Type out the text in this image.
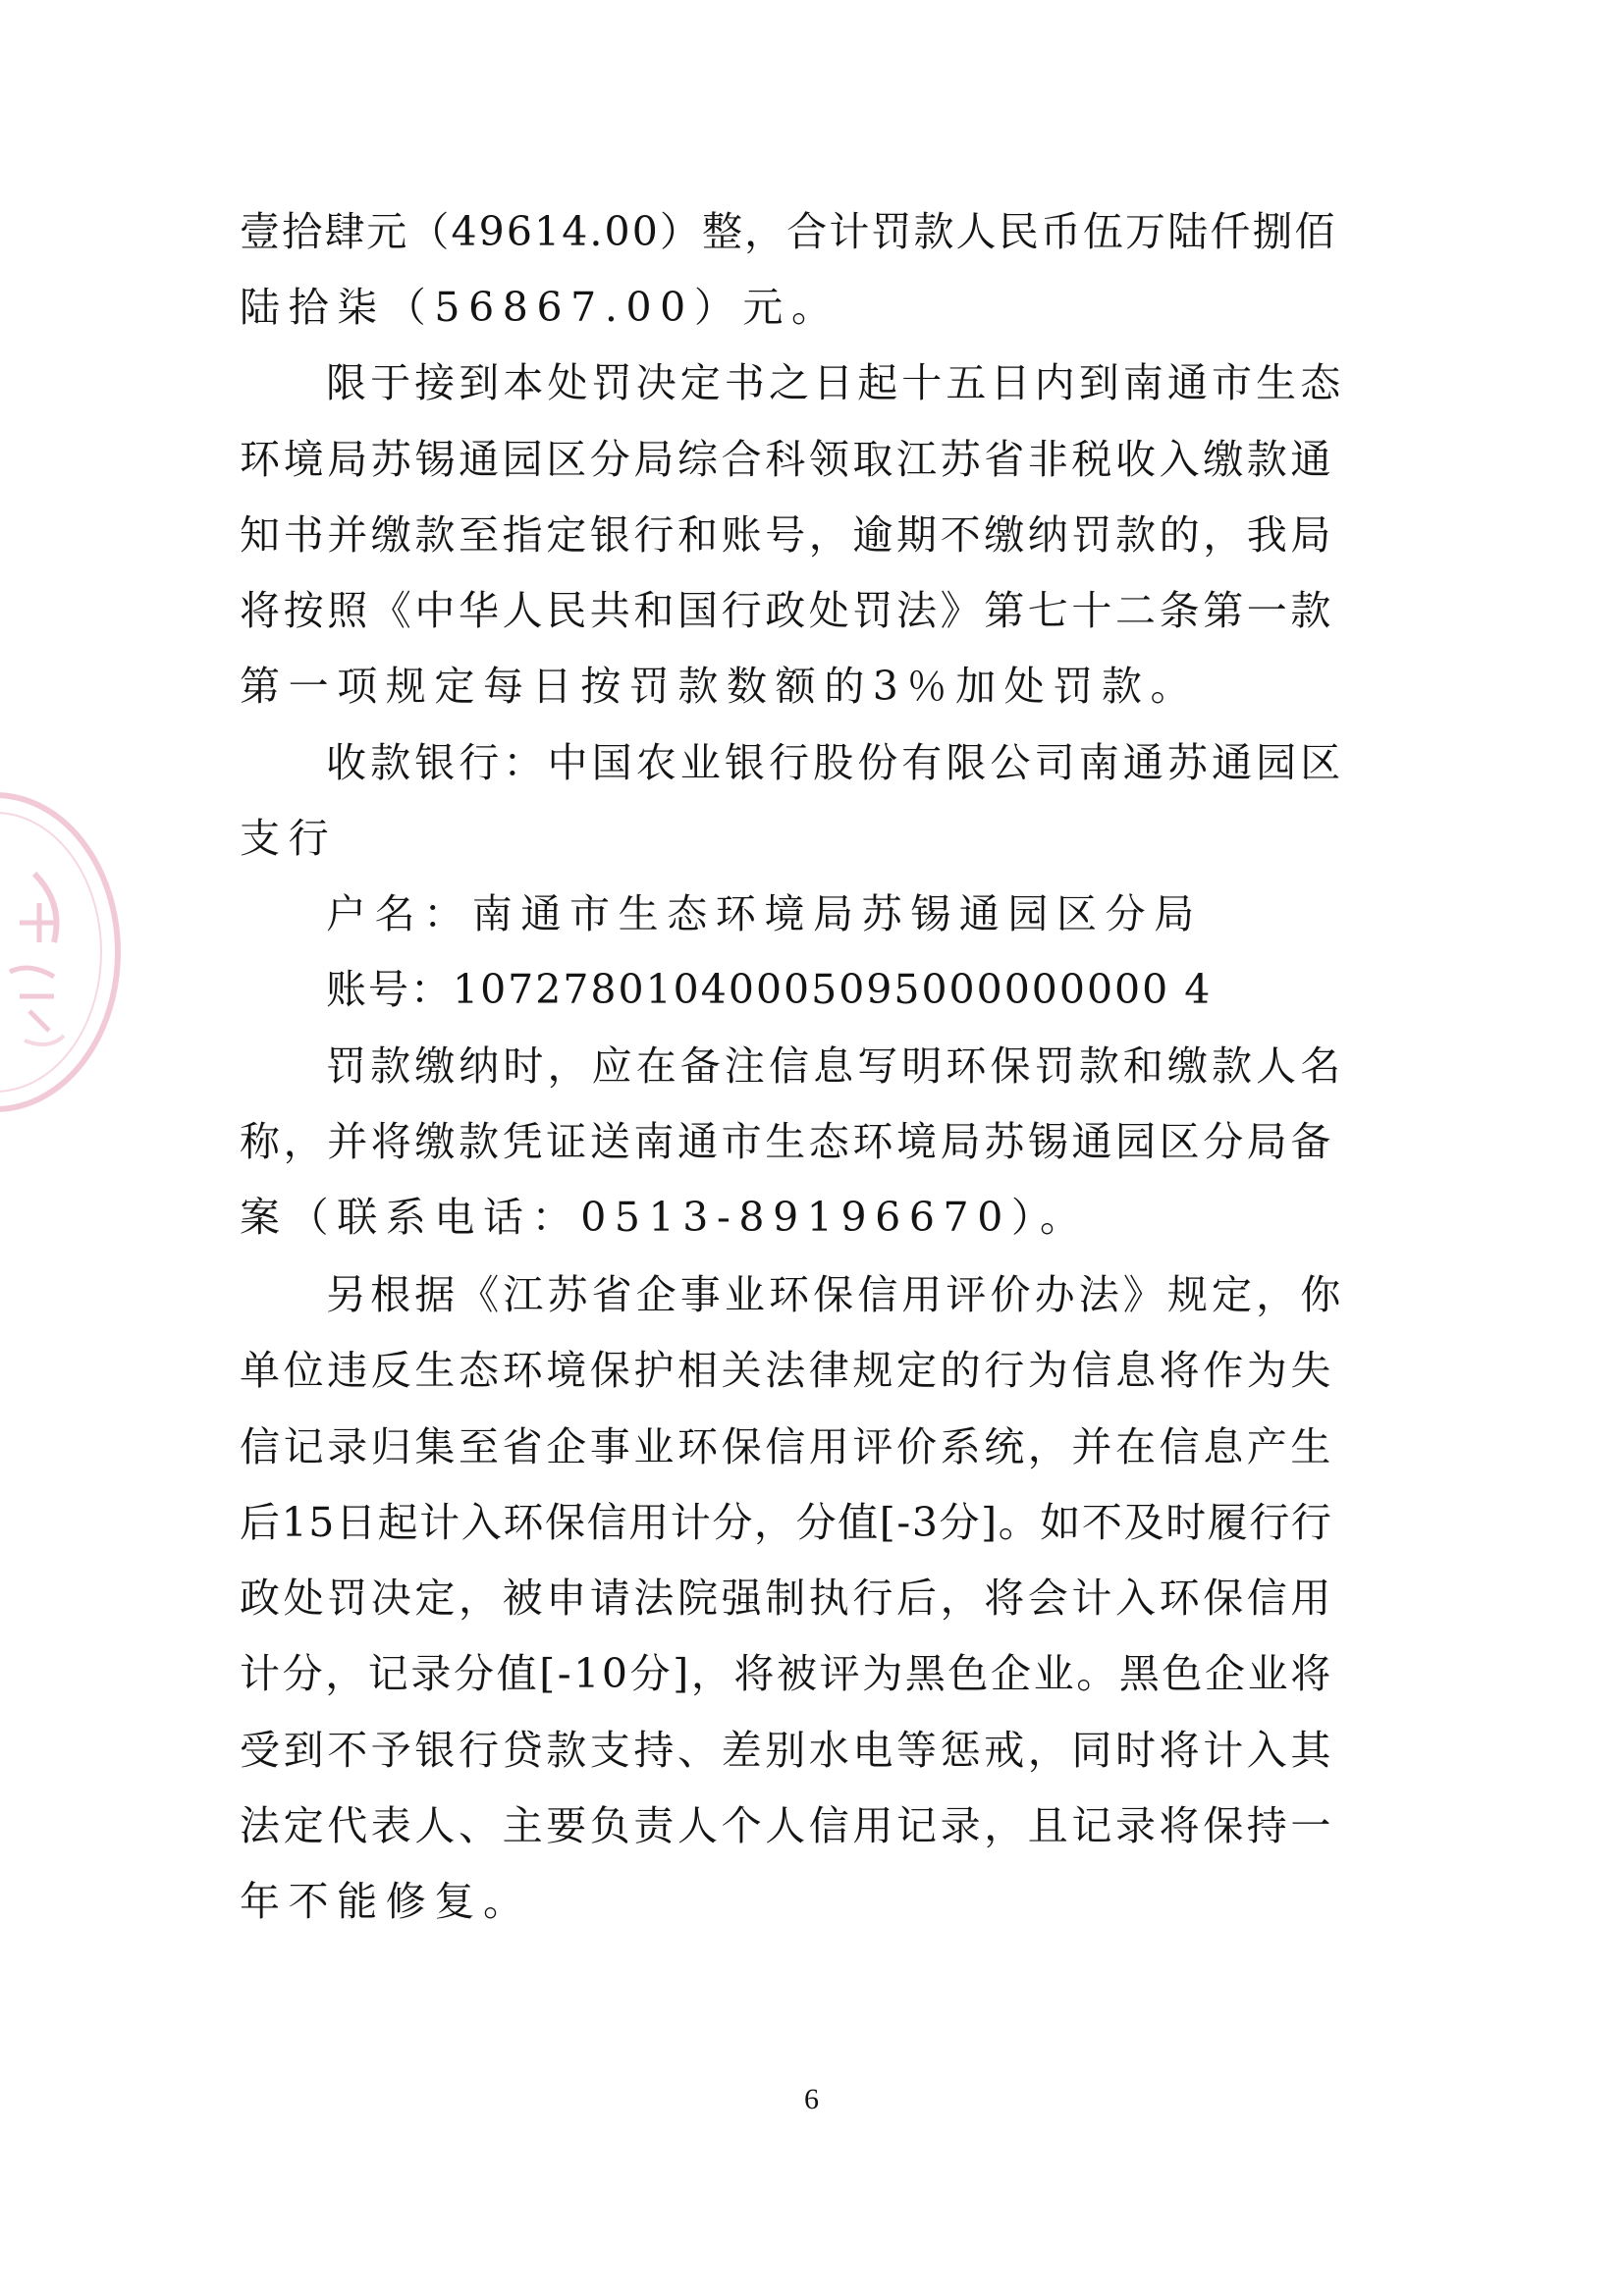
壹拾肆元（49614.00）整，合计罚款人民币伍万陆仟捌佰
陆拾柒（56867.00）元。
限于接到本处罚决定书之日起十五日内到南通市生态
环境局苏锡通园区分局综合科领取江苏省非税收入缴款通
知书并缴款至指定银行和账号，逾期不缴纳罚款的，我局
将按照《中华人民共和国行政处罚法》第七十二条第一款
第一项规定每日按罚款数额的3％加处罚款。
收款银行：中国农业银行股份有限公司南通苏通园区
支行
户名：南通市生态环境局苏锡通园区分局
账号：10727801040005095000000000 4
罚款缴纳时，应在备注信息写明环保罚款和缴款人名
称，并将缴款凭证送南通市生态环境局苏锡通园区分局备
案（联系电话：0513-89196670）。
另根据《江苏省企事业环保信用评价办法》规定，你
单位违反生态环境保护相关法律规定的行为信息将作为失
信记录归集至省企事业环保信用评价系统，并在信息产生
后15日起计入环保信用计分，分值[-3分]。如不及时履行行
政处罚决定，被申请法院强制执行后，将会计入环保信用
计分，记录分值[-10分]，将被评为黑色企业。黑色企业将
受到不予银行贷款支持、差别水电等惩戒，同时将计入其
法定代表人、主要负责人个人信用记录，且记录将保持一
年不能修复。
6
